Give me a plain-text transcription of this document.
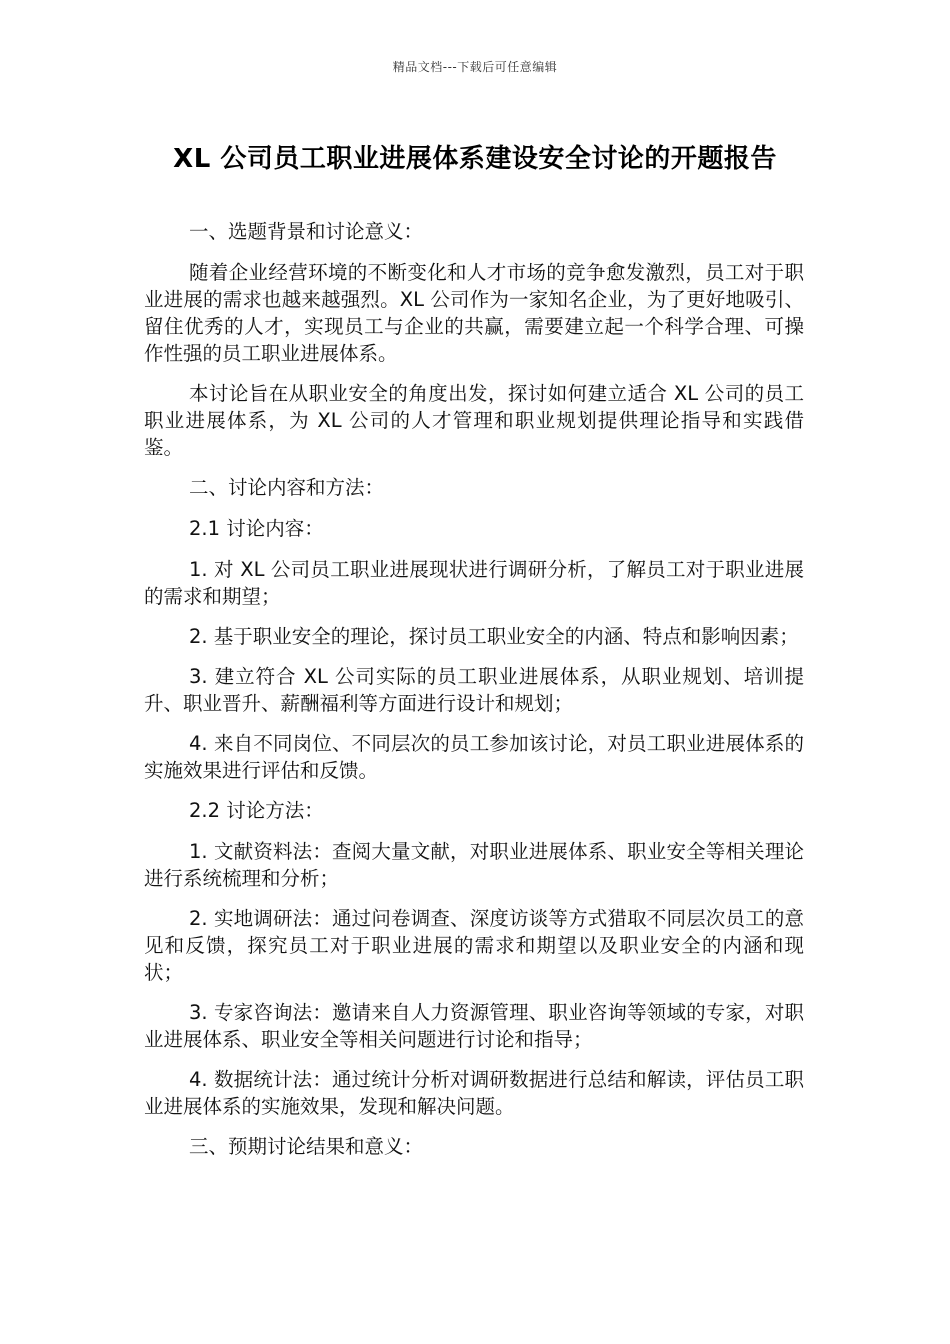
精品文档---下载后可任意编辑
XL 公司员工职业进展体系建设安全讨论的开题报告

一、选题背景和讨论意义：

随着企业经营环境的不断变化和人才市场的竞争愈发激烈，员工对于职业进展的需求也越来越强烈。XL 公司作为一家知名企业，为了更好地吸引、留住优秀的人才，实现员工与企业的共赢，需要建立起一个科学合理、可操作性强的员工职业进展体系。

本讨论旨在从职业安全的角度出发，探讨如何建立适合 XL 公司的员工职业进展体系，为 XL 公司的人才管理和职业规划提供理论指导和实践借鉴。

二、讨论内容和方法：

2.1 讨论内容：

1. 对 XL 公司员工职业进展现状进行调研分析，了解员工对于职业进展的需求和期望；

2. 基于职业安全的理论，探讨员工职业安全的内涵、特点和影响因素；

3. 建立符合 XL 公司实际的员工职业进展体系，从职业规划、培训提升、职业晋升、薪酬福利等方面进行设计和规划；

4. 来自不同岗位、不同层次的员工参加该讨论，对员工职业进展体系的实施效果进行评估和反馈。

2.2 讨论方法：

1. 文献资料法：查阅大量文献，对职业进展体系、职业安全等相关理论进行系统梳理和分析；

2. 实地调研法：通过问卷调查、深度访谈等方式猎取不同层次员工的意见和反馈，探究员工对于职业进展的需求和期望以及职业安全的内涵和现状；

3. 专家咨询法：邀请来自人力资源管理、职业咨询等领域的专家，对职业进展体系、职业安全等相关问题进行讨论和指导；

4. 数据统计法：通过统计分析对调研数据进行总结和解读，评估员工职业进展体系的实施效果，发现和解决问题。

三、预期讨论结果和意义：
